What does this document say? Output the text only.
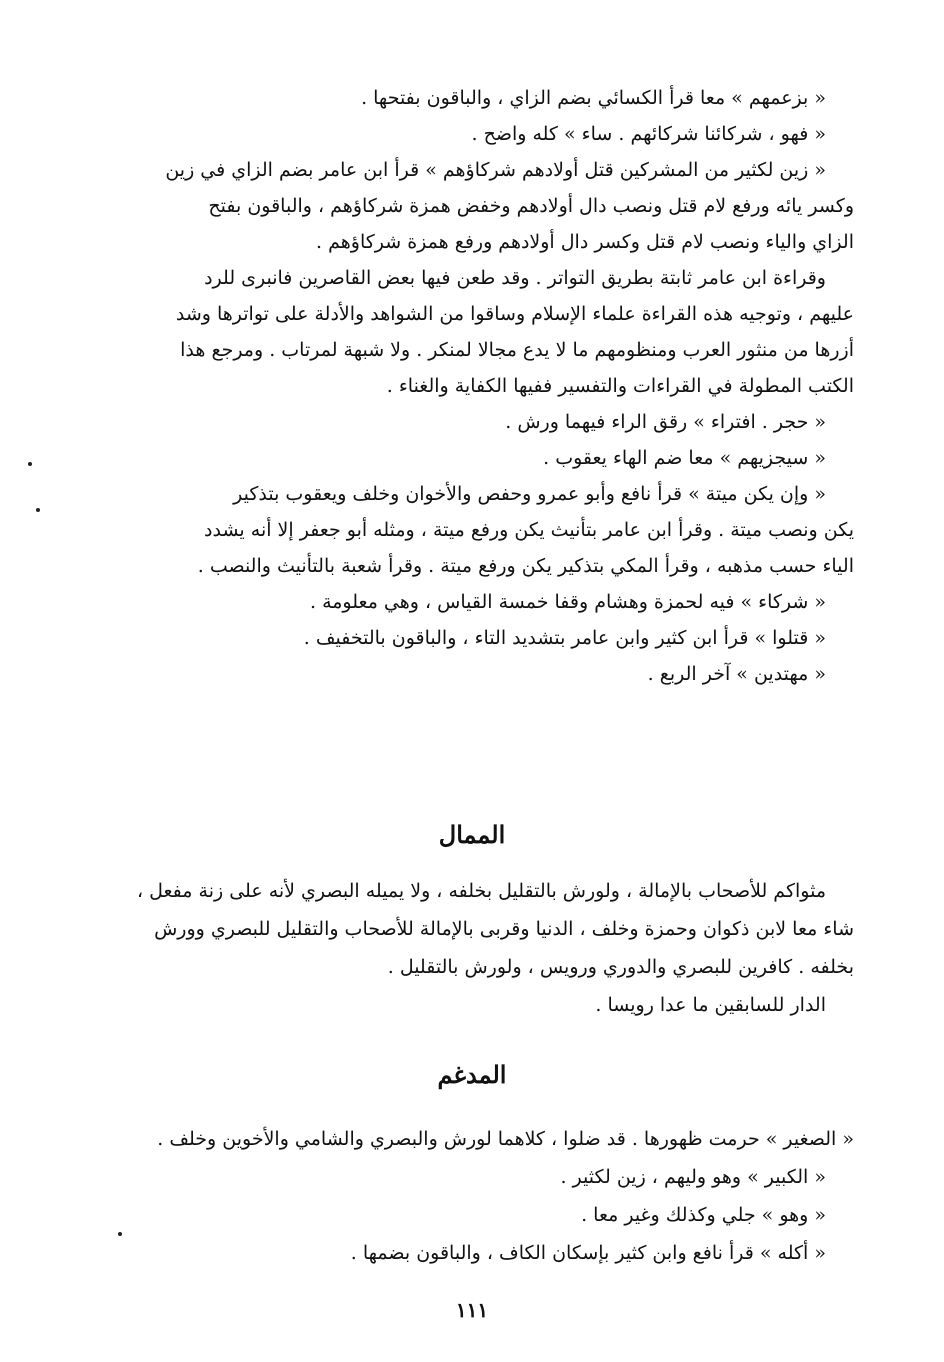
« بزعمهم » معا قرأ الكسائي بضم الزاي ، والباقون بفتحها .
« فهو ، شركائنا شركائهم . ساء » كله واضح .
« زين لكثير من المشركين قتل أولادهم شركاؤهم » قرأ ابن عامر بضم الزاي في زين
وكسر يائه ورفع لام قتل ونصب دال أولادهم وخفض همزة شركاؤهم ، والباقون بفتح
الزاي والياء ونصب لام قتل وكسر دال أولادهم ورفع همزة شركاؤهم .
وقراءة ابن عامر ثابتة بطريق التواتر . وقد طعن فيها بعض القاصرين فانبرى للرد
عليهم ، وتوجيه هذه القراءة علماء الإسلام وساقوا من الشواهد والأدلة على تواترها وشد
أزرها من منثور العرب ومنظومهم ما لا يدع مجالا لمنكر . ولا شبهة لمرتاب . ومرجع هذا
الكتب المطولة في القراءات والتفسير ففيها الكفاية والغناء .
« حجر . افتراء » رقق الراء فيهما ورش .
« سيجزيهم » معا ضم الهاء يعقوب .
« وإن يكن ميتة » قرأ نافع وأبو عمرو وحفص والأخوان وخلف ويعقوب بتذكير
يكن ونصب ميتة . وقرأ ابن عامر بتأنيث يكن ورفع ميتة ، ومثله أبو جعفر إلا أنه يشدد
الياء حسب مذهبه ، وقرأ المكي بتذكير يكن ورفع ميتة . وقرأ شعبة بالتأنيث والنصب .
« شركاء » فيه لحمزة وهشام وقفا خمسة القياس ، وهي معلومة .
« قتلوا » قرأ ابن كثير وابن عامر بتشديد التاء ، والباقون بالتخفيف .
« مهتدين » آخر الربع .
الممال
مثواكم للأصحاب بالإمالة ، ولورش بالتقليل بخلفه ، ولا يميله البصري لأنه على زنة مفعل ،
شاء معا لابن ذكوان وحمزة وخلف ، الدنيا وقربى بالإمالة للأصحاب والتقليل للبصري وورش
بخلفه . كافرين للبصري والدوري ورويس ، ولورش بالتقليل .
الدار للسابقين ما عدا رويسا .
المدغم
« الصغير » حرمت ظهورها . قد ضلوا ، كلاهما لورش والبصري والشامي والأخوين وخلف .
« الكبير » وهو وليهم ، زين لكثير .
« وهو » جلي وكذلك وغير معا .
« أكله » قرأ نافع وابن كثير بإسكان الكاف ، والباقون بضمها .
١١١
